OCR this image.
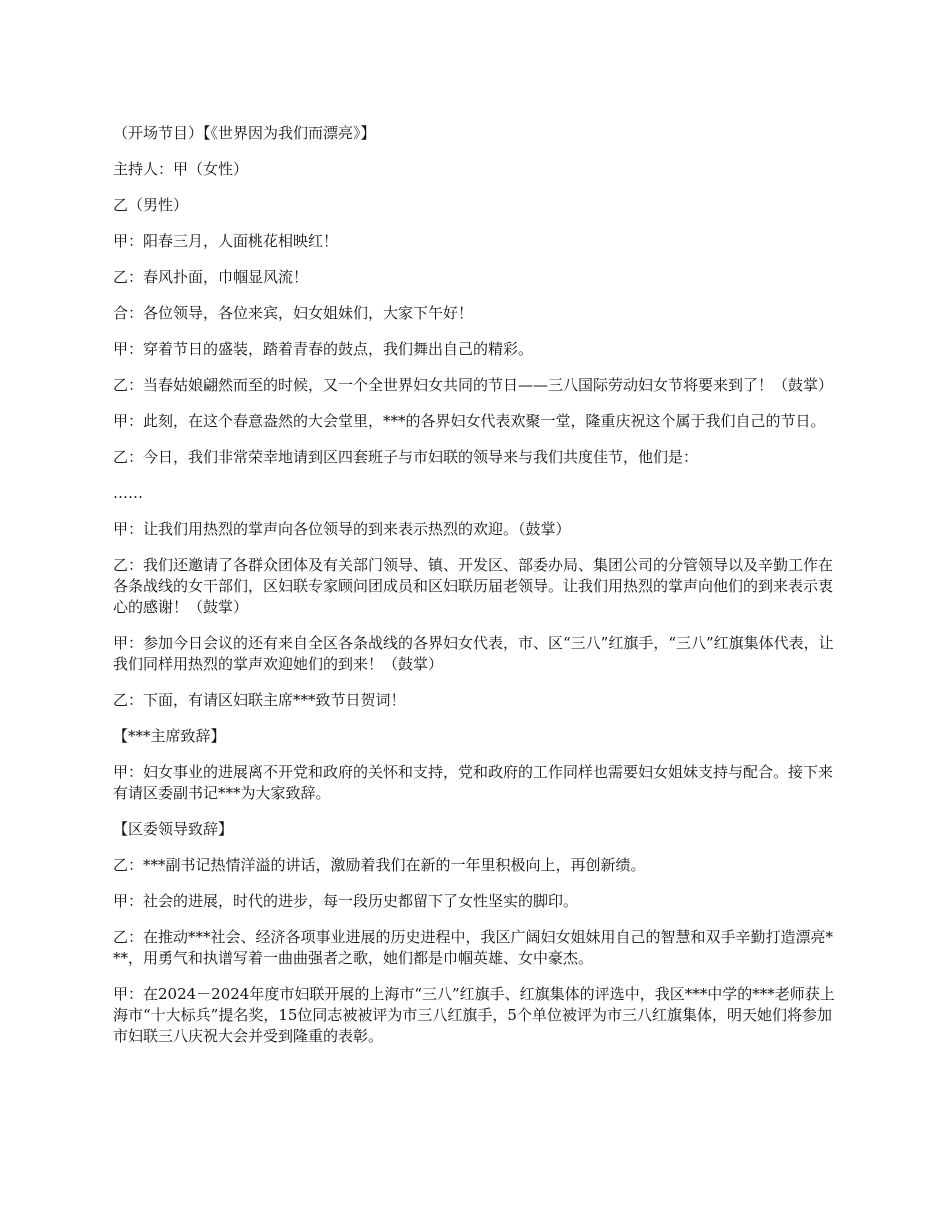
（开场节目）【《世界因为我们而漂亮》】

主持人：甲（女性）

乙（男性）

甲：阳春三月，人面桃花相映红！

乙：春风扑面，巾帼显风流！

合：各位领导，各位来宾，妇女姐妹们，大家下午好！

甲：穿着节日的盛装，踏着青春的鼓点，我们舞出自己的精彩。

乙：当春姑娘翩然而至的时候，又一个全世界妇女共同的节日——三八国际劳动妇女节将要来到了！（鼓掌）

甲：此刻，在这个春意盎然的大会堂里，***的各界妇女代表欢聚一堂，隆重庆祝这个属于我们自己的节日。

乙：今日，我们非常荣幸地请到区四套班子与市妇联的领导来与我们共度佳节，他们是：

……

甲：让我们用热烈的掌声向各位领导的到来表示热烈的欢迎。（鼓掌）

乙：我们还邀请了各群众团体及有关部门领导、镇、开发区、部委办局、集团公司的分管领导以及辛勤工作在各条战线的女干部们，区妇联专家顾问团成员和区妇联历届老领导。让我们用热烈的掌声向他们的到来表示衷心的感谢！（鼓掌）

甲：参加今日会议的还有来自全区各条战线的各界妇女代表，市、区“三八”红旗手，“三八”红旗集体代表，让我们同样用热烈的掌声欢迎她们的到来！（鼓掌）

乙：下面，有请区妇联主席***致节日贺词！

【***主席致辞】

甲：妇女事业的进展离不开党和政府的关怀和支持，党和政府的工作同样也需要妇女姐妹支持与配合。接下来有请区委副书记***为大家致辞。

【区委领导致辞】

乙：***副书记热情洋溢的讲话，激励着我们在新的一年里积极向上，再创新绩。

甲：社会的进展，时代的进步，每一段历史都留下了女性坚实的脚印。

乙：在推动***社会、经济各项事业进展的历史进程中，我区广阔妇女姐妹用自己的智慧和双手辛勤打造漂亮***，用勇气和执谱写着一曲曲强者之歌，她们都是巾帼英雄、女中豪杰。

甲：在2024－2024年度市妇联开展的上海市“三八”红旗手、红旗集体的评选中，我区***中学的***老师获上海市“十大标兵”提名奖，15位同志被被评为市三八红旗手，5个单位被评为市三八红旗集体，明天她们将参加市妇联三八庆祝大会并受到隆重的表彰。
